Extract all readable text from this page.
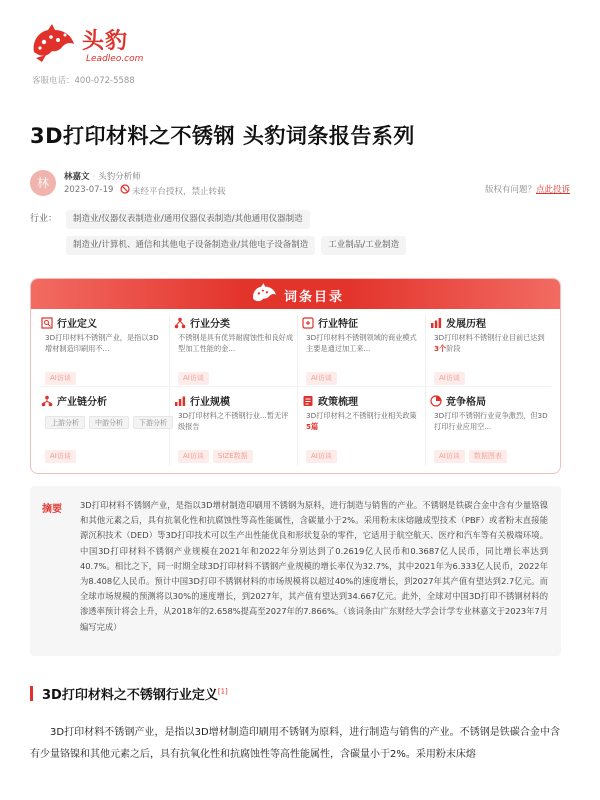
头豹
Leadleo.com
客服电话：400-072-5588
3D打印材料之不锈钢 头豹词条报告系列
林	林嘉文 · 头豹分析师
2023-07-19 未经平台授权，禁止转载	版权有问题？点此投诉
行业：	制造业/仪器仪表制造业/通用仪器仪表制造/其他通用仪器制造
制造业/计算机、通信和其他电子设备制造业/其他电子设备制造 工业制品/工业制造
词条目录
行业定义
3D打印材料不锈钢产业，是指以3D增材制造印刷用不...
AI访谈
行业分类
不锈钢是具有优异耐腐蚀性和良好成型加工性能的金...
AI访谈
行业特征
3D打印材料不锈钢领域的商业模式主要是通过加工来...
AI访谈
发展历程
3D打印材料不锈钢行业目前已达到 3个阶段
AI访谈
产业链分析
上游分析 中游分析 下游分析
AI访谈
行业规模
3D打印材料之不锈钢行业...暂无评级报告
AI访谈 SIZE数据
政策梳理
3D打印材料之不锈钢行业相关政策 5篇
AI访谈
竞争格局
3D打印不锈钢行业竞争激烈，但3D打印行业应用空...
AI访谈 数据图表
摘要 3D打印材料不锈钢产业，是指以3D增材制造印刷用不锈钢为原料，进行制造与销售的产业。不锈钢是铁碳合金中含有少量铬镍和其他元素之后，具有抗氧化性和抗腐蚀性等高性能属性，含碳量小于2%。采用粉末床熔融成型技术（PBF）或者粉末直接能源沉积技术（DED）等3D打印技术可以生产出性能优良和形状复杂的零件，它适用于航空航天、医疗和汽车等有关极端环境。中国3D打印材料不锈钢产业规模在2021年和2022年分别达到了0.2619亿人民币和0.3687亿人民币，同比增长率达到40.7%。相比之下，同一时期全球3D打印材料不锈钢产业规模的增长率仅为32.7%，其中2021年为6.333亿人民币，2022年为8.408亿人民币。预计中国3D打印不锈钢材料的市场规模将以超过40%的速度增长，到2027年其产值有望达到2.7亿元。而全球市场规模的预测将以30%的速度增长，到2027年，其产值有望达到34.667亿元。此外，全球对中国3D打印不锈钢材料的渗透率预计将会上升，从2018年的2.658%提高至2027年的7.866%。（该词条由广东财经大学会计学专业林嘉文于2023年7月编写完成）
3D打印材料之不锈钢行业定义[1]

3D打印材料不锈钢产业，是指以3D增材制造印刷用不锈钢为原料，进行制造与销售的产业。不锈钢是铁碳合金中含有少量铬镍和其他元素之后，具有抗氧化性和抗腐蚀性等高性能属性，含碳量小于2%。采用粉末床熔
